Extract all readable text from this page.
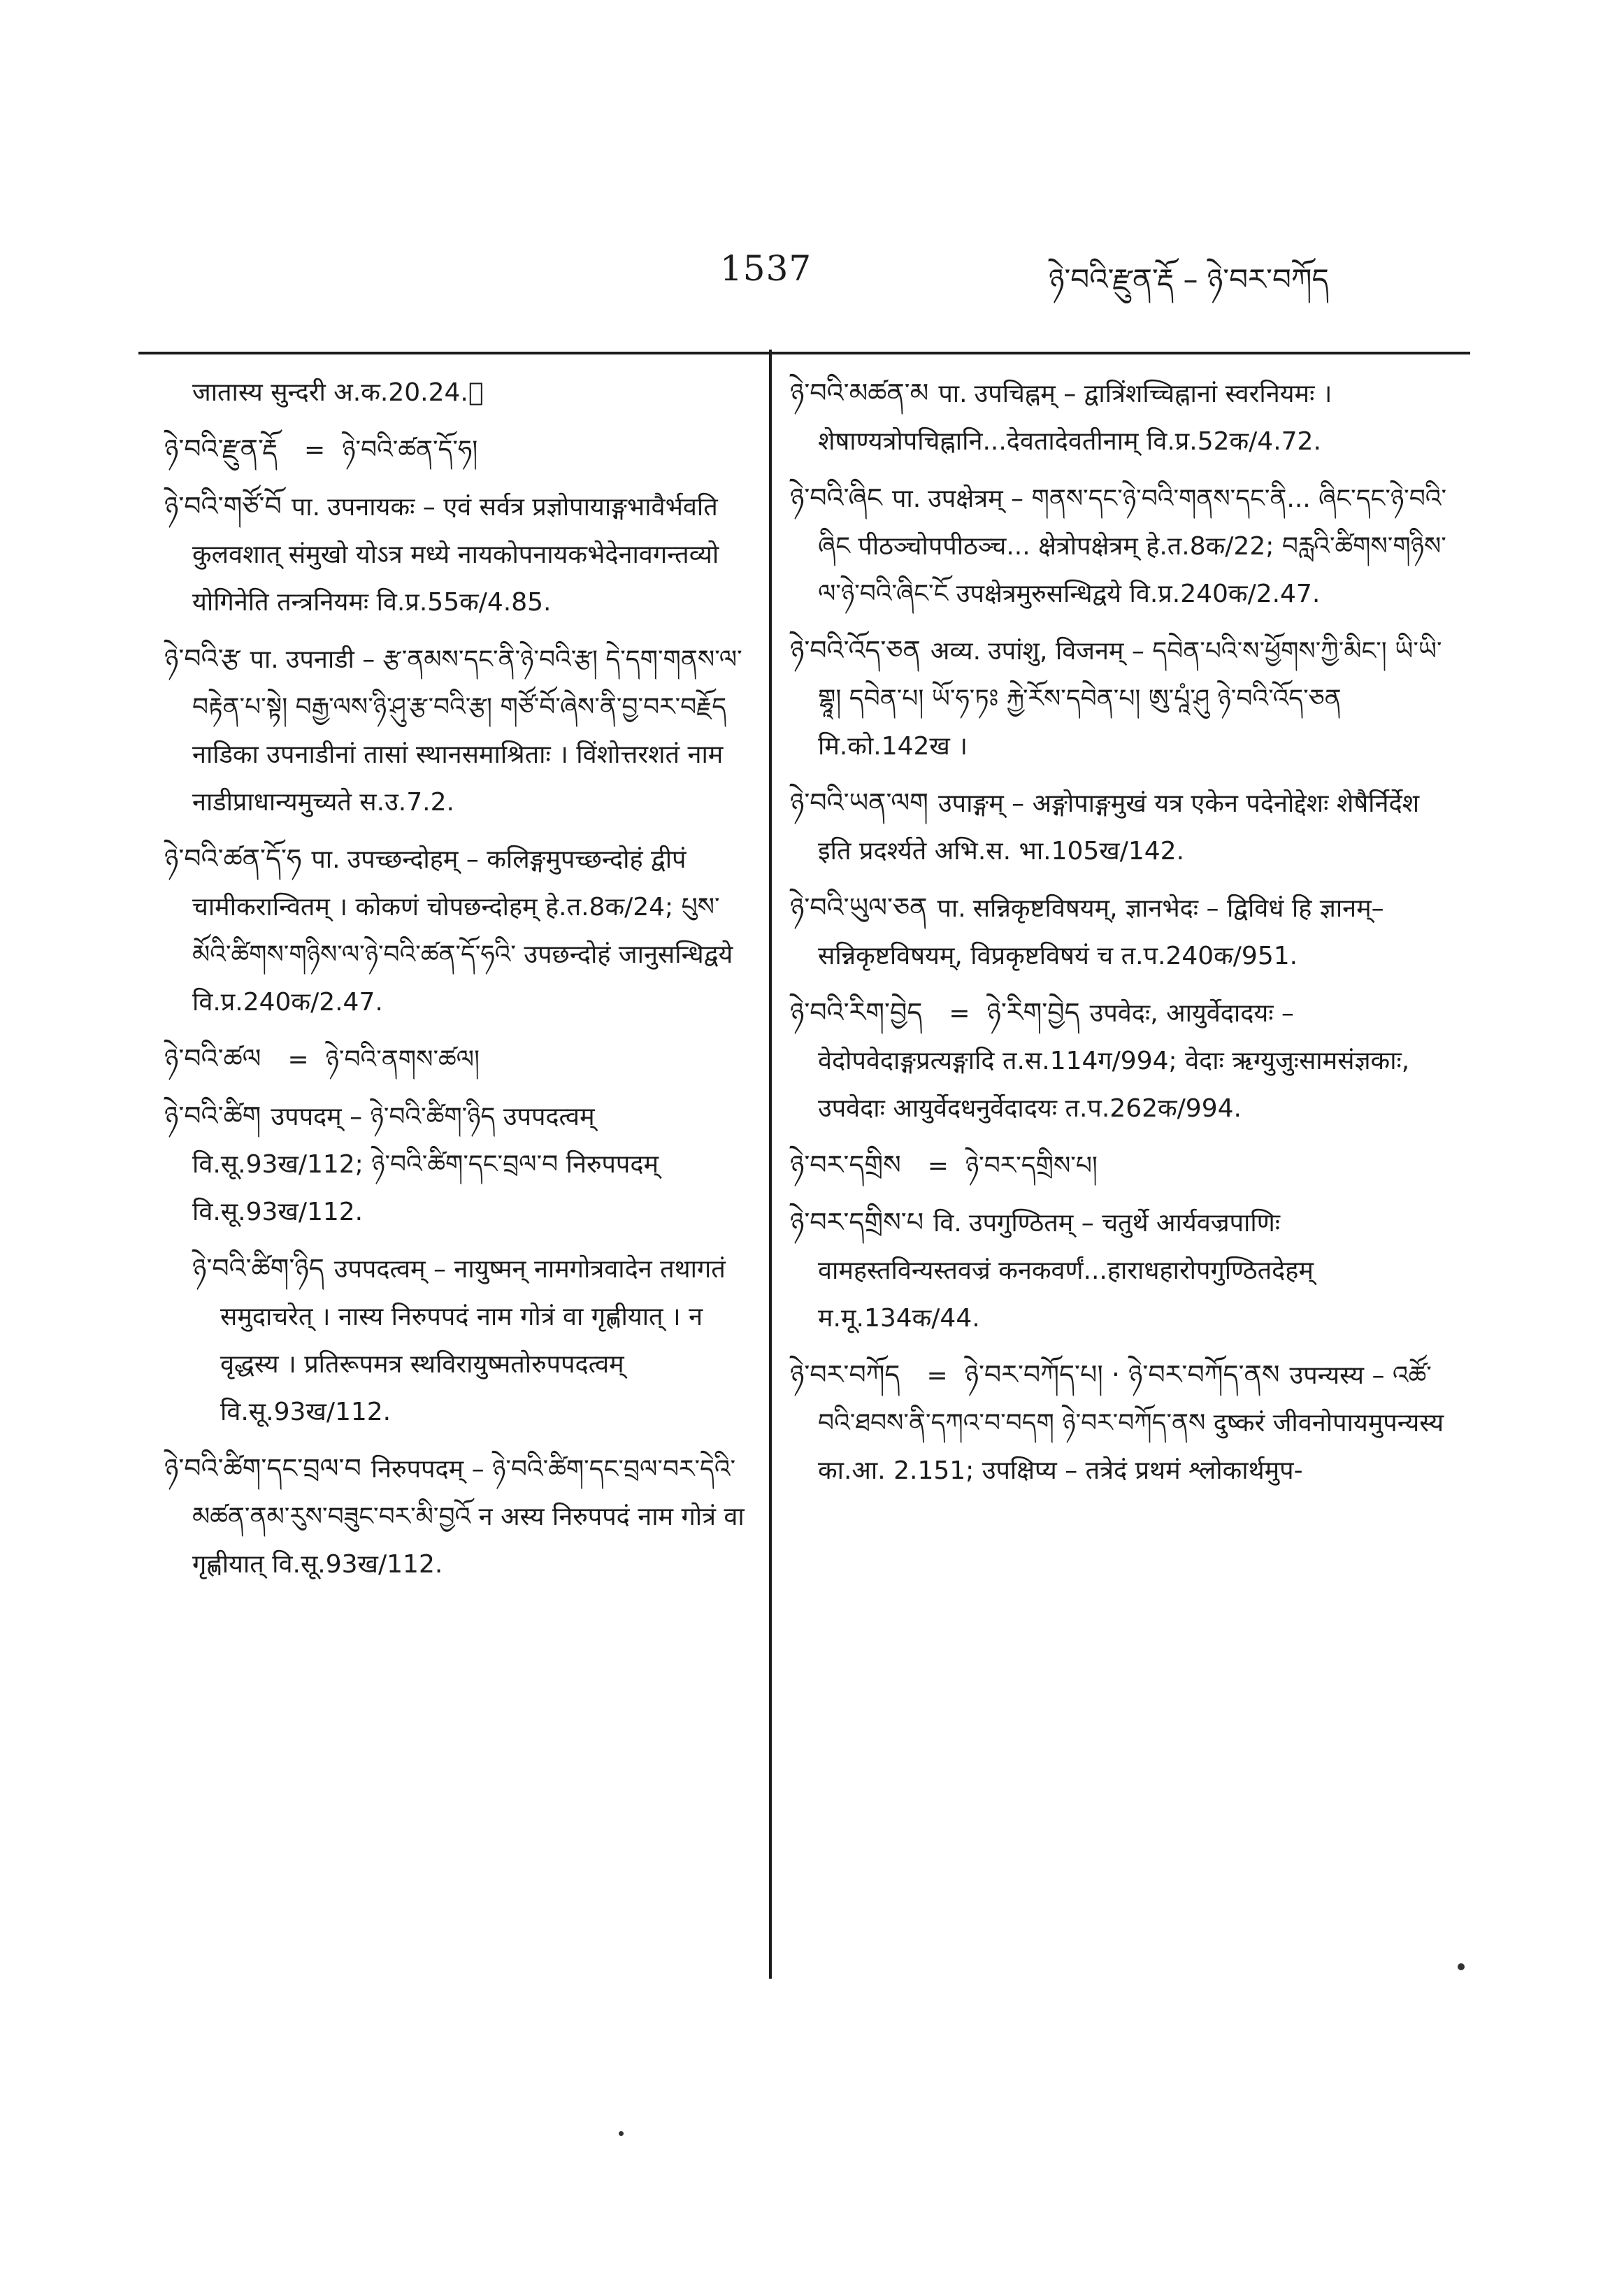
1537	ཉེ་བའི་རྫུན་རྡོ – ཉེ་བར་བཀོད
जातास्य सुन्दरी अ.क.20.24.᳚
ཉེ་བའི་རྫུན་རྡོ = ཉེ་བའི་ཚན་དོ་ཧ།
ཉེ་བའི་གཙོ་བོ पा. उपनायकः – एवं सर्वत्र प्रज्ञोपायाङ्गभावैर्भवति कुलवशात् संमुखो योऽत्र मध्ये नायकोपनायकभेदेनावगन्तव्यो योगिनेति तन्त्रनियमः वि.प्र.55क/4.85.
ཉེ་བའི་རྩ पा. उपनाडी – རྩ་ནམས་དང་ནི་ཉེ་བའི་རྩ། དེ་དག་གནས་ལ་བརྟེན་པ་སྟེ། བརྒྱ་ལས་ཉི་ཤུ་རྩ་བའི་རྩ། གཙོ་བོ་ཞེས་ནི་བྱ་བར་བརྗོད नाडिका उपनाडीनां तासां स्थानसमाश्रिताः । विंशोत्तरशतं नाम नाडीप्राधान्यमुच्यते स.उ.7.2.
ཉེ་བའི་ཚན་དོ་ཧ पा. उपच्छन्दोहम् – कलिङ्गमुपच्छन्दोहं द्वीपं चामीकरान्वितम् । कोकणं चोपछन्दोहम् हे.त.8क/24; པུས་མོའི་ཚིགས་གཉིས་ལ་ཉེ་བའི་ཚན་དོ་ཧའི་ उपछन्दोहं जानुसन्धिद्वये वि.प्र.240क/2.47.
ཉེ་བའི་ཚལ = ཉེ་བའི་ནགས་ཚལ།
ཉེ་བའི་ཚིག उपपदम् – ཉེ་བའི་ཚིག་ཉིད उपपदत्वम् वि.सू.93ख/112; ཉེ་བའི་ཚིག་དང་བྲལ་བ निरुपपदम् वि.सू.93ख/112.
ཉེ་བའི་ཚིག་ཉིད उपपदत्वम् – नायुष्मन् नामगोत्रवादेन तथागतं समुदाचरेत् । नास्य निरुपपदं नाम गोत्रं वा गृह्णीयात् । न वृद्धस्य । प्रतिरूपमत्र स्थविरायुष्मतोरुपपदत्वम् वि.सू.93ख/112.
ཉེ་བའི་ཚིག་དང་བྲལ་བ निरुपपदम् – ཉེ་བའི་ཚིག་དང་བྲལ་བར་དེའི་མཚན་ནམ་རུས་བཟུང་བར་མི་བྱའོ न अस्य निरुपपदं नाम गोत्रं वा गृह्णीयात् वि.सू.93ख/112.
ཉེ་བའི་མཚན་མ पा. उपचिह्नम् – द्वात्रिंशच्चिह्नानां स्वरनियमः । शेषाण्यत्रोपचिह्नानि...देवतादेवतीनाम् वि.प्र.52क/4.72.
ཉེ་བའི་ཞིང पा. उपक्षेत्रम् – གནས་དང་ཉེ་བའི་གནས་དང་ནི... ཞིང་དང་ཉེ་བའི་ཞིང पीठञ्चोपपीठञ्च... क्षेत्रोपक्षेत्रम् हे.त.8क/22; བརླའི་ཚིགས་གཉིས་ལ་ཉེ་བའི་ཞིང་ངོ उपक्षेत्रमुरुसन्धिद्वये वि.प्र.240क/2.47.
ཉེ་བའི་འོད་ཅན अव्य. उपांशु, विजनम् – དབེན་པའི་ས་ཕྱོགས་ཀྱི་མིང་། ཡི་ཡི་གྷཱ། དབེན་པ། ཡོ་ཧ་ཏཿ རྐྱེ་རོས་དབེན་པ། ཨུ་པཱཾ་ཤུ ཉེ་བའི་འོད་ཅན मि.को.142ख ।
ཉེ་བའི་ཡན་ལག उपाङ्गम् – अङ्गोपाङ्गमुखं यत्र एकेन पदेनोद्देशः शेषैर्निर्देश इति प्रदर्श्यते अभि.स. भा.105ख/142.
ཉེ་བའི་ཡུལ་ཅན पा. सन्निकृष्टविषयम्, ज्ञानभेदः – द्विविधं हि ज्ञानम्–सन्निकृष्टविषयम्, विप्रकृष्टविषयं च त.प.240क/951.
ཉེ་བའི་རིག་བྱེད = ཉེ་རིག་བྱེད उपवेदः, आयुर्वेदादयः – वेदोपवेदाङ्गप्रत्यङ्गादि त.स.114ग/994; वेदाः ऋग्युजुःसामसंज्ञकाः, उपवेदाः आयुर्वेदधनुर्वेदादयः त.प.262क/994.
ཉེ་བར་དགྲིས = ཉེ་བར་དགྲིས་པ།
ཉེ་བར་དགྲིས་པ वि. उपगुण्ठितम् – चतुर्थे आर्यवज्रपाणिः वामहस्तविन्यस्तवज्रं कनकवर्णं...हाराधहारोपगुण्ठितदेहम् म.मू.134क/44.
ཉེ་བར་བཀོད = ཉེ་བར་བཀོད་པ། · ཉེ་བར་བཀོད་ནས उपन्यस्य – འཚོ་བའི་ཐབས་ནི་དཀའ་བ་བདག ཉེ་བར་བཀོད་ནས दुष्करं जीवनोपायमुपन्यस्य का.आ. 2.151; उपक्षिप्य – तत्रेदं प्रथमं श्लोकार्थमुप-
